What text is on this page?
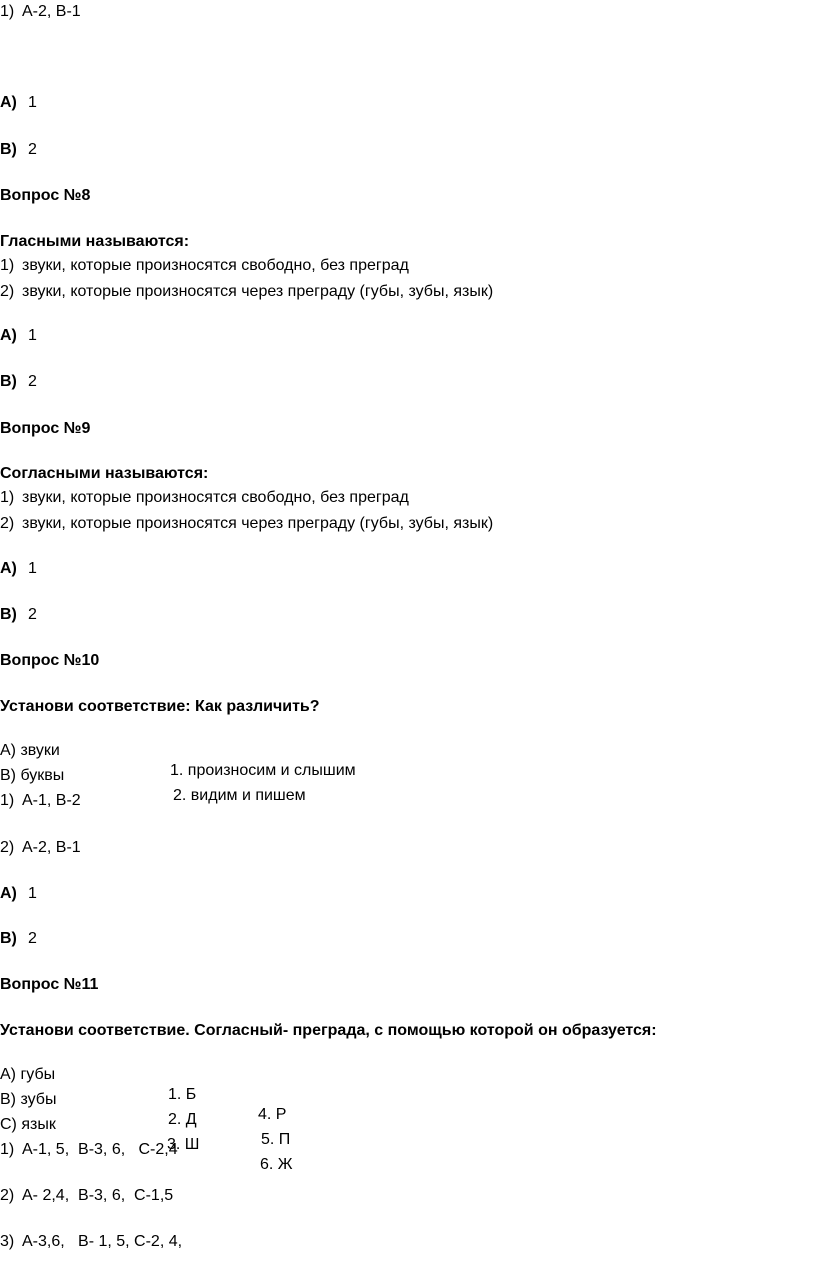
1) А-2, В-1
А) 1
В) 2
Вопрос №8
Гласными называются:
1) звуки, которые произносятся свободно, без преград
2) звуки, которые произносятся через преграду (губы, зубы, язык)
А) 1
В) 2
Вопрос №9
Согласными называются:
1) звуки, которые произносятся свободно, без преград
2) звуки, которые произносятся через преграду (губы, зубы, язык)
А) 1
В) 2
Вопрос №10
Установи соответствие: Как различить?

А) звуки

1. произносим и слышим

В) буквы

2. видим и пишем

1) А-1, В-2
2) А-2, В-1
А) 1
В) 2
Вопрос №11
Установи соответствие. Согласный- преграда, с помощью которой он образуется:

А) губы

1. Б

4. Р

В) зубы

2. Д

5. П

С) язык

3. Ш

6. Ж

1) А-1, 5,  В-3, 6,   С-2,4
2) А- 2,4,  В-3, 6,  С-1,5
3) А-3,6,   В- 1, 5, С-2, 4,
